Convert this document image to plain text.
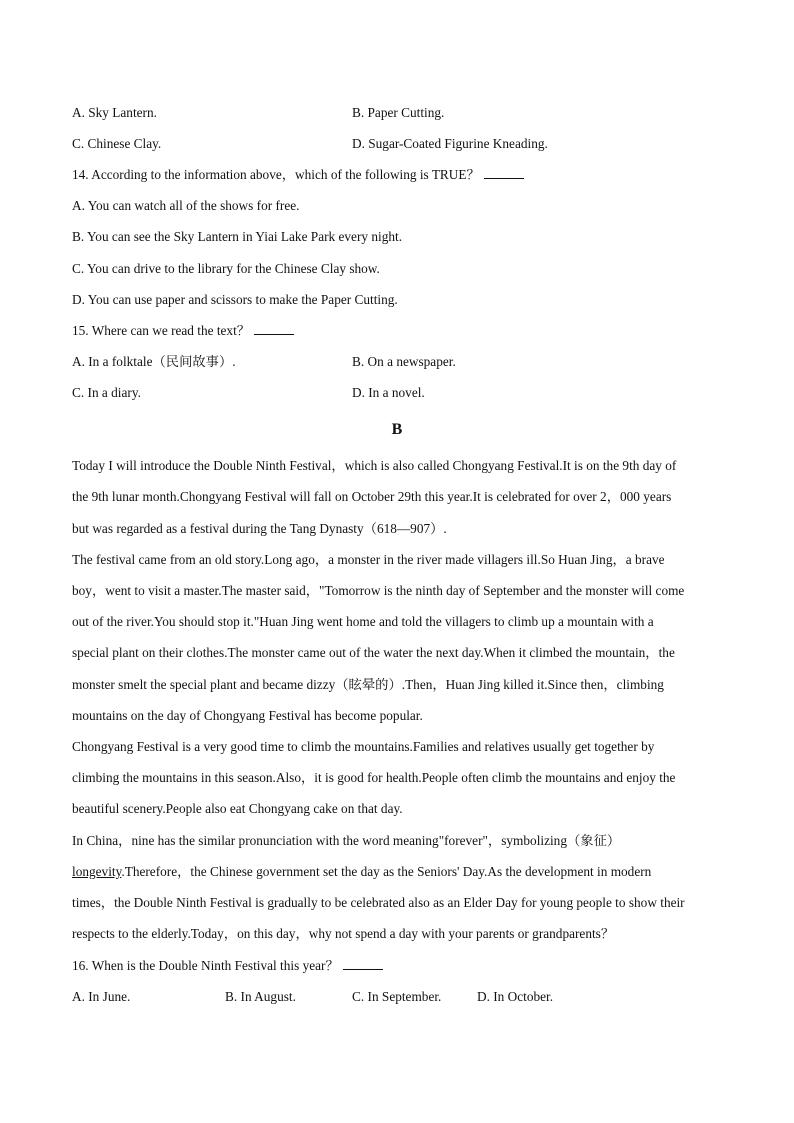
A. Sky Lantern.	B. Paper Cutting.
C. Chinese Clay.	D. Sugar-Coated Figurine Kneading.
14. According to the information above，which of the following is TRUE？
A. You can watch all of the shows for free.
B. You can see the Sky Lantern in Yiai Lake Park every night.
C. You can drive to the library for the Chinese Clay show.
D. You can use paper and scissors to make the Paper Cutting.
15. Where can we read the text？
A. In a folktale（民间故事）.	B. On a newspaper.
C. In a diary.	D. In a novel.
B
Today I will introduce the Double Ninth Festival，which is also called Chongyang Festival.It is on the 9th day of
the 9th lunar month.Chongyang Festival will fall on October 29th this year.It is celebrated for over 2，000 years
but was regarded as a festival during the Tang Dynasty（618—907）.
The festival came from an old story.Long ago，a monster in the river made villagers ill.So Huan Jing，a brave
boy，went to visit a master.The master said，"Tomorrow is the ninth day of September and the monster will come
out of the river.You should stop it."Huan Jing went home and told the villagers to climb up a mountain with a
special plant on their clothes.The monster came out of the water the next day.When it climbed the mountain，the
monster smelt the special plant and became dizzy（眩晕的）.Then，Huan Jing killed it.Since then，climbing
mountains on the day of Chongyang Festival has become popular.
Chongyang Festival is a very good time to climb the mountains.Families and relatives usually get together by
climbing the mountains in this season.Also，it is good for health.People often climb the mountains and enjoy the
beautiful scenery.People also eat Chongyang cake on that day.
In China，nine has the similar pronunciation with the word meaning"forever"，symbolizing（象征）
longevity.Therefore，the Chinese government set the day as the Seniors' Day.As the development in modern
times，the Double Ninth Festival is gradually to be celebrated also as an Elder Day for young people to show their
respects to the elderly.Today，on this day，why not spend a day with your parents or grandparents？
16. When is the Double Ninth Festival this year？
A. In June.	B. In August.	C. In September.	D. In October.
